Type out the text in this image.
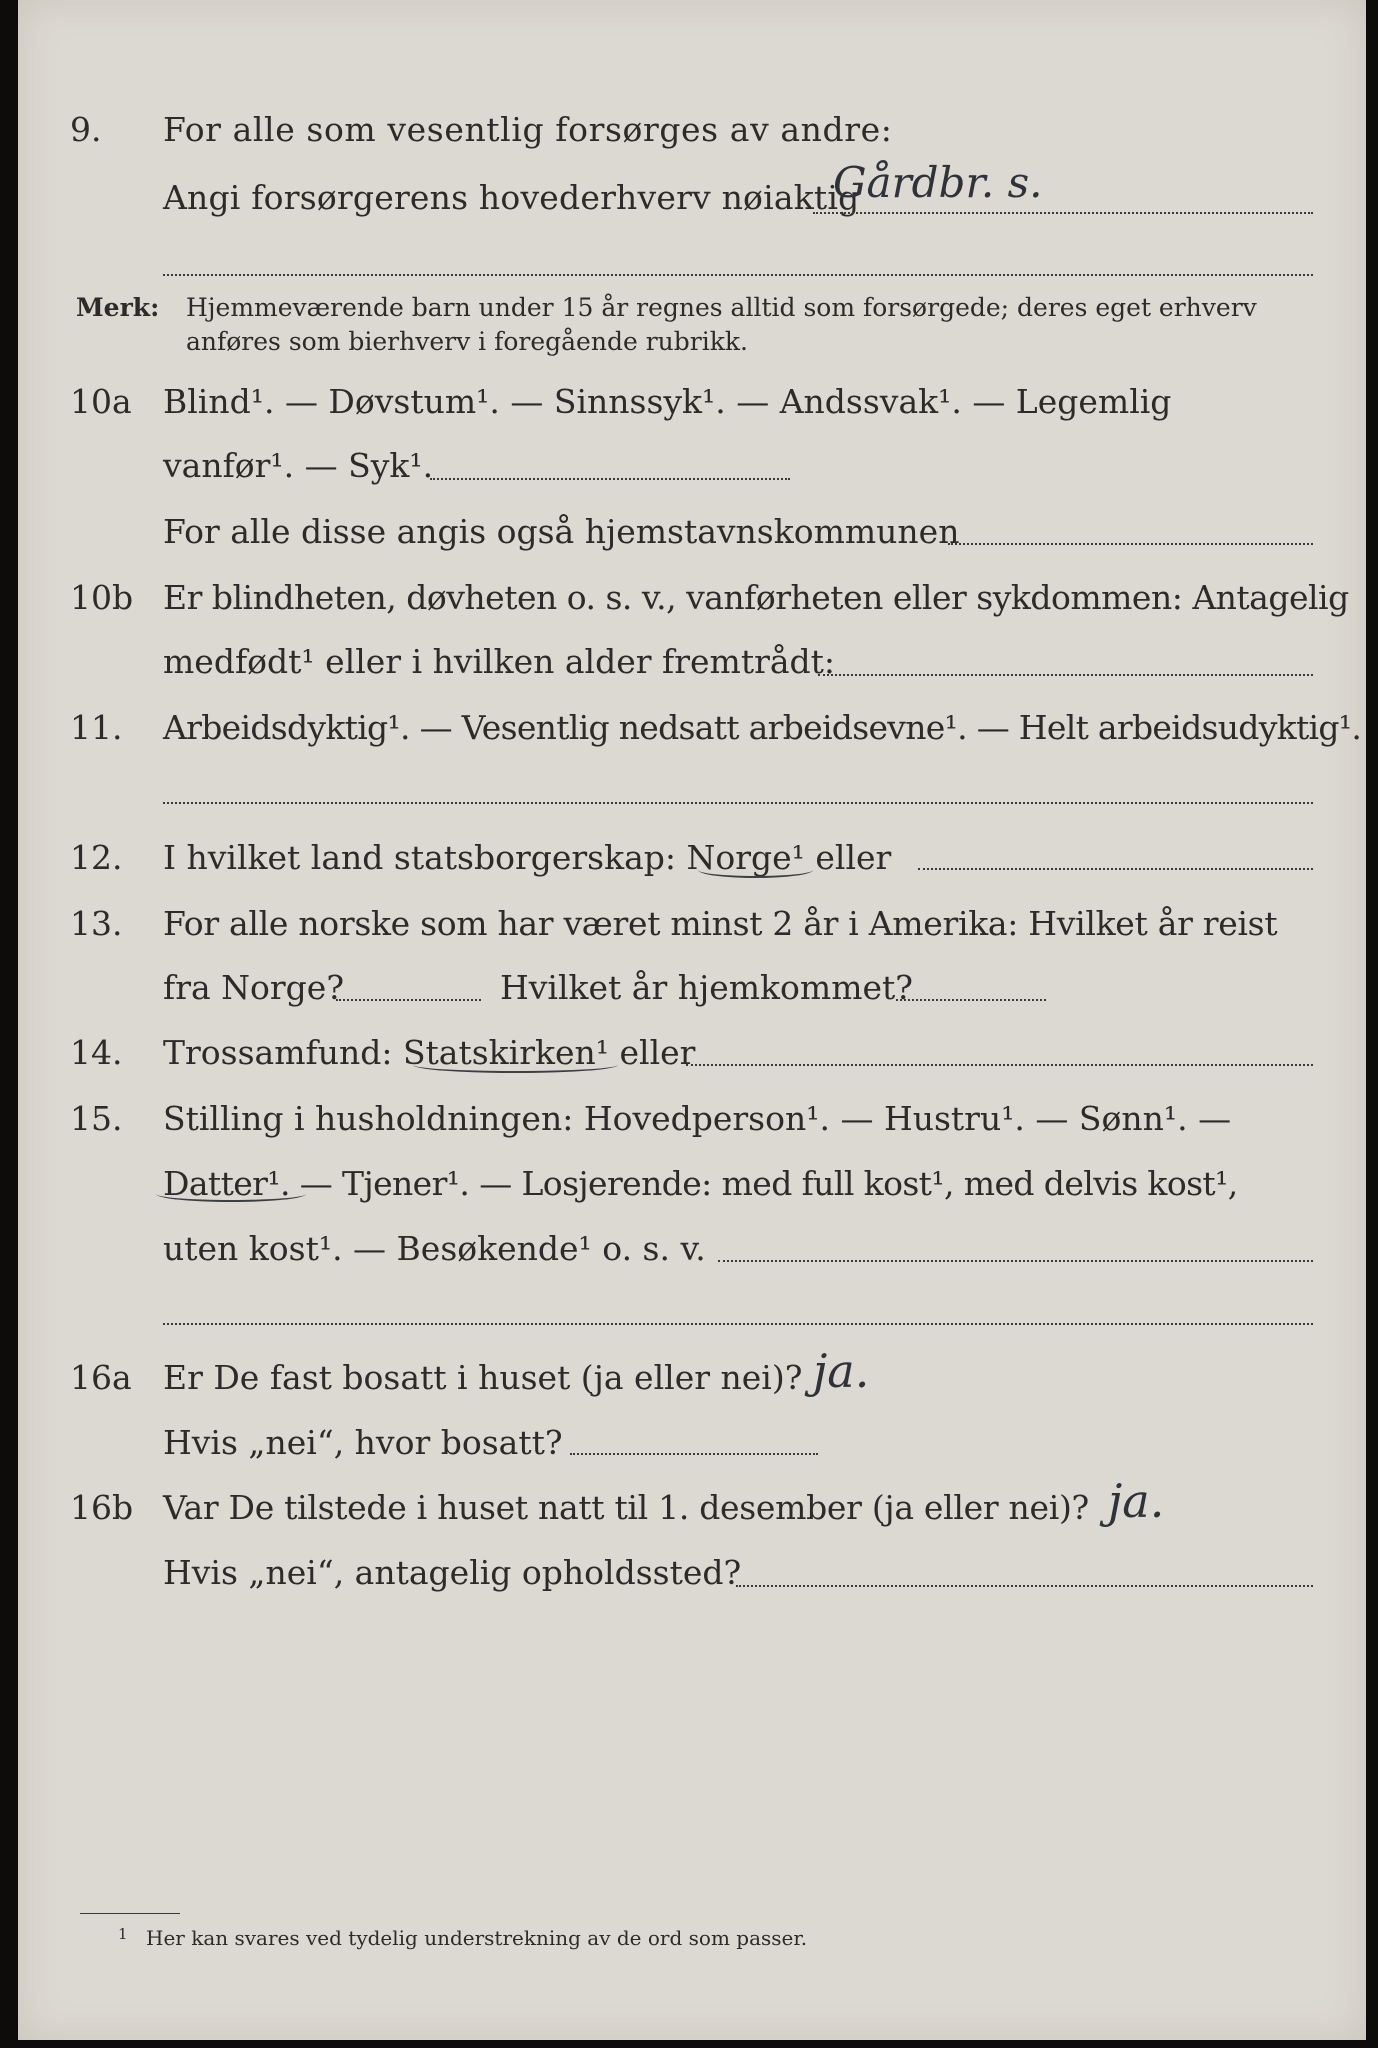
9.	For alle som vesentlig forsørges av andre:
Angi forsørgerens hovederhverv nøiaktig
Gårdbr. s.
Merk: Hjemmeværende barn under 15 år regnes alltid som forsørgede; deres eget erhverv
anføres som bierhverv i foregående rubrikk.
10a Blind¹. — Døvstum¹. — Sinnssyk¹. — Andssvak¹. — Legemlig
vanfør¹. — Syk¹.
For alle disse angis også hjemstavnskommunen
10b Er blindheten, døvheten o. s. v., vanførheten eller sykdommen: Antagelig
medfødt¹ eller i hvilken alder fremtrådt:
11.	Arbeidsdyktig¹. — Vesentlig nedsatt arbeidsevne¹. — Helt arbeidsudyktig¹.
12.	I hvilket land statsborgerskap: Norge¹ eller
13.	For alle norske som har været minst 2 år i Amerika: Hvilket år reist
fra Norge?	Hvilket år hjemkommet?
14.	Trossamfund: Statskirken¹ eller
15.	Stilling i husholdningen: Hovedperson¹. — Hustru¹. — Sønn¹. —
Datter¹. — Tjener¹. — Losjerende: med full kost¹, med delvis kost¹,
uten kost¹. — Besøkende¹ o. s. v.
16a Er De fast bosatt i huset (ja eller nei)? ja.
Hvis „nei“, hvor bosatt?
16b Var De tilstede i huset natt til 1. desember (ja eller nei)? ja.
Hvis „nei“, antagelig opholdssted?
1 Her kan svares ved tydelig understrekning av de ord som passer.
